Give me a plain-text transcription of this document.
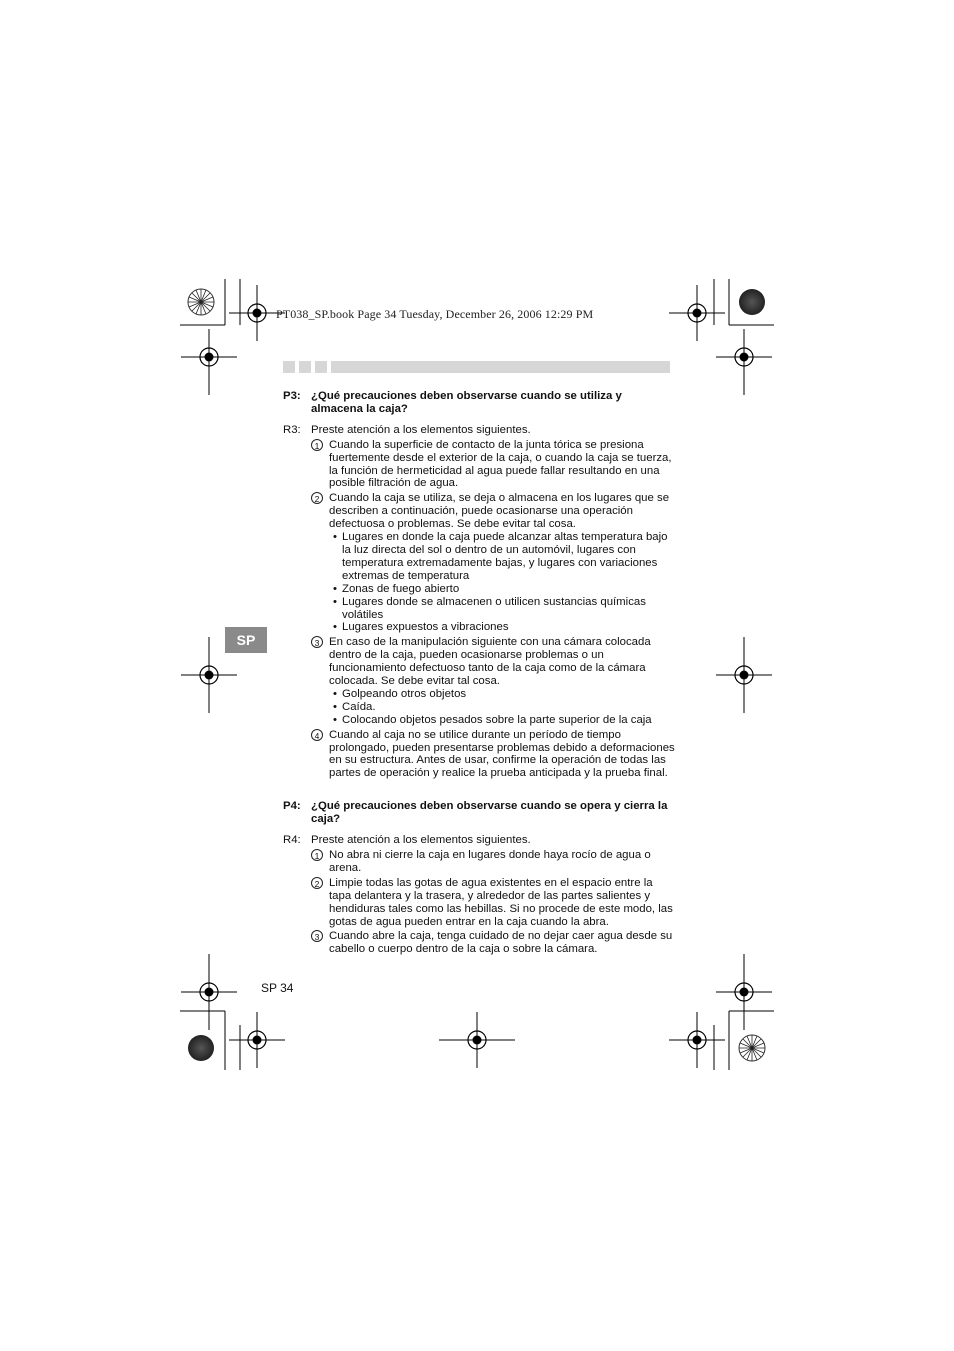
PT038_SP.book Page 34 Tuesday, December 26, 2006 12:29 PM
SP
P3: ¿Qué precauciones deben observarse cuando se utiliza y almacena la caja?
R3: Preste atención a los elementos siguientes.
1 Cuando la superficie de contacto de la junta tórica se presiona fuertemente desde el exterior de la caja, o cuando la caja se tuerza, la función de hermeticidad al agua puede fallar resultando en una posible filtración de agua.
2 Cuando la caja se utiliza, se deja o almacena en los lugares que se describen a continuación, puede ocasionarse una operación defectuosa o problemas. Se debe evitar tal cosa.
• Lugares en donde la caja puede alcanzar altas temperatura bajo la luz directa del sol o dentro de un automóvil, lugares con temperatura extremadamente bajas, y lugares con variaciones extremas de temperatura
• Zonas de fuego abierto
• Lugares donde se almacenen o utilicen sustancias químicas volátiles
• Lugares expuestos a vibraciones
3 En caso de la manipulación siguiente con una cámara colocada dentro de la caja, pueden ocasionarse problemas o un funcionamiento defectuoso tanto de la caja como de la cámara colocada. Se debe evitar tal cosa.
• Golpeando otros objetos
• Caída.
• Colocando objetos pesados sobre la parte superior de la caja
4 Cuando al caja no se utilice durante un período de tiempo prolongado, pueden presentarse problemas debido a deformaciones en su estructura. Antes de usar, confirme la operación de todas las partes de operación y realice la prueba anticipada y la prueba final.
P4: ¿Qué precauciones deben observarse cuando se opera y cierra la caja?
R4: Preste atención a los elementos siguientes.
1 No abra ni cierre la caja en lugares donde haya rocío de agua o arena.
2 Limpie todas las gotas de agua existentes en el espacio entre la tapa delantera y la trasera, y alrededor de las partes salientes y hendiduras tales como las hebillas. Si no procede de este modo, las gotas de agua pueden entrar en la caja cuando la abra.
3 Cuando abre la caja, tenga cuidado de no dejar caer agua desde su cabello o cuerpo dentro de la caja o sobre la cámara.
SP 34
